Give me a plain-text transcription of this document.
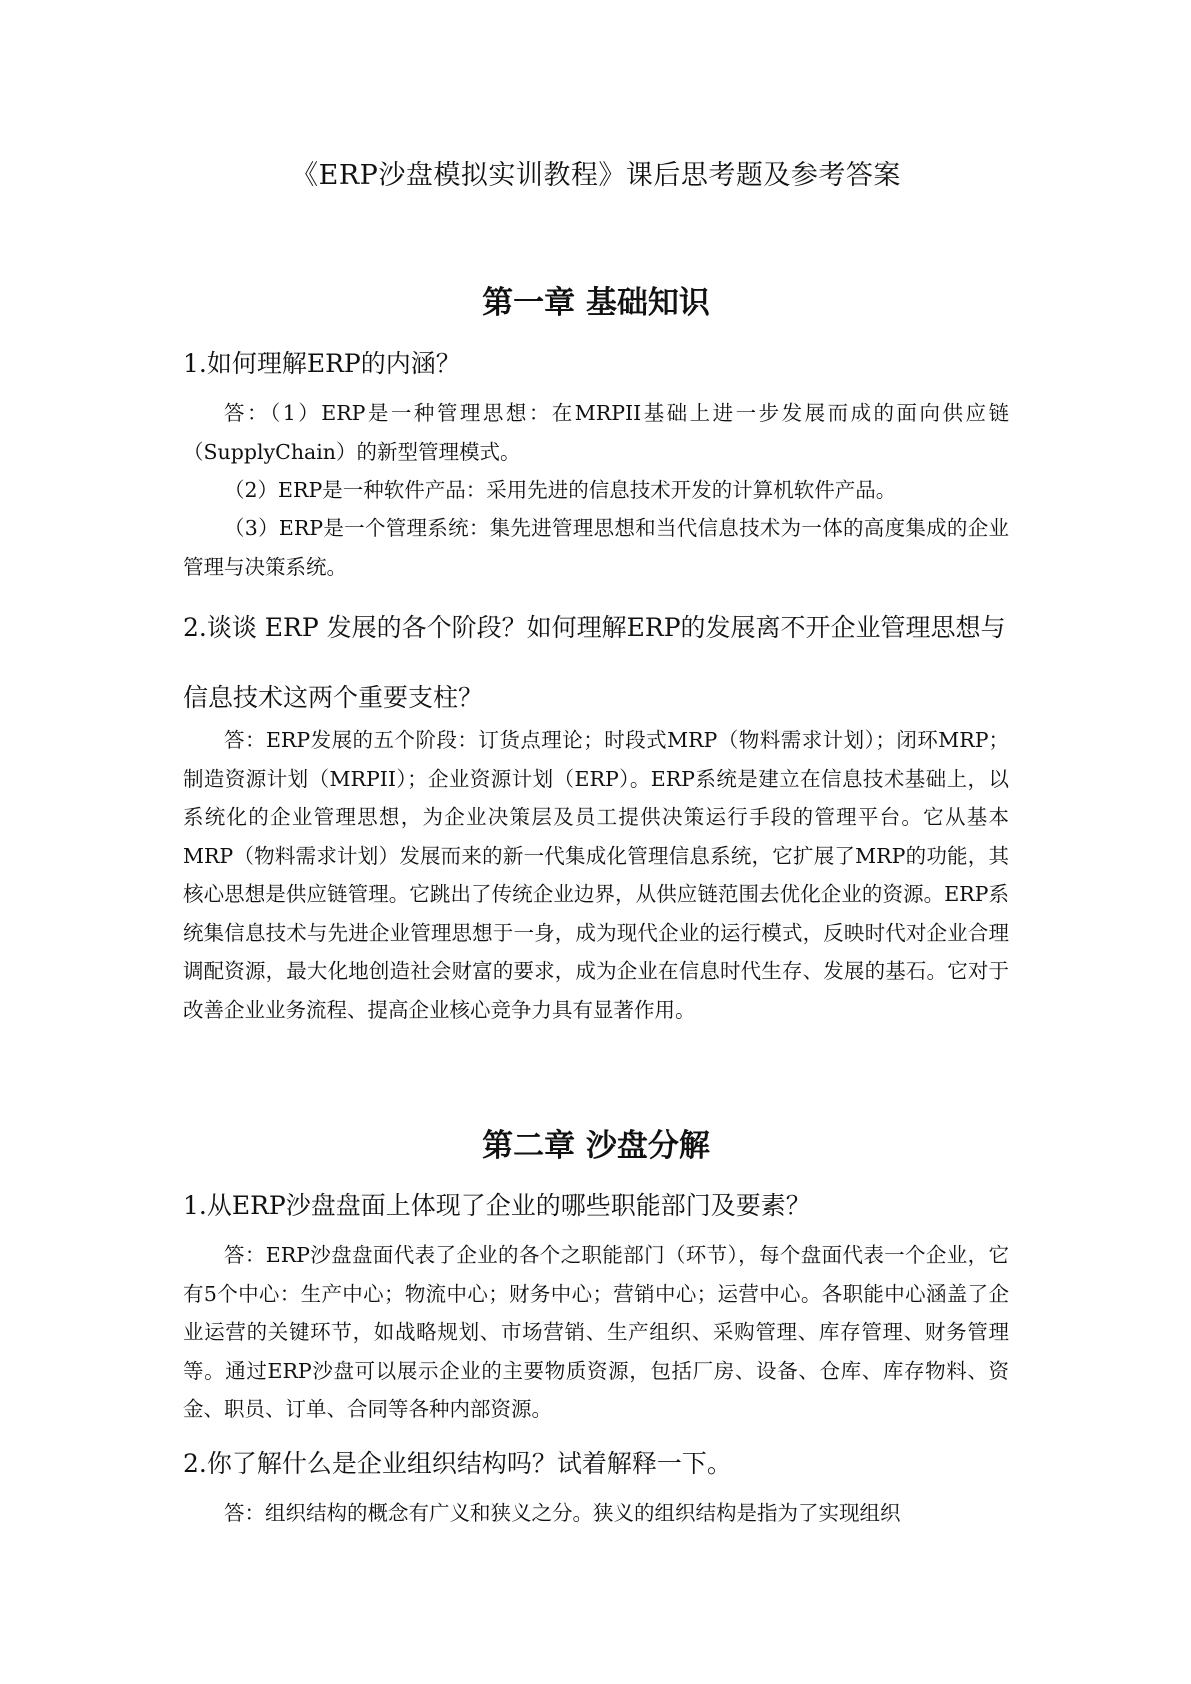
《ERP沙盘模拟实训教程》课后思考题及参考答案
第一章 基础知识
1.如何理解ERP的内涵？
答：（1）ERP是一种管理思想：在MRPII基础上进一步发展而成的面向供应链（SupplyChain）的新型管理模式。
（2）ERP是一种软件产品：采用先进的信息技术开发的计算机软件产品。
（3）ERP是一个管理系统：集先进管理思想和当代信息技术为一体的高度集成的企业管理与决策系统。
2.谈谈 ERP 发展的各个阶段？如何理解ERP的发展离不开企业管理思想与信息技术这两个重要支柱？
答：ERP发展的五个阶段：订货点理论；时段式MRP（物料需求计划）；闭环MRP；制造资源计划（MRPII）；企业资源计划（ERP）。ERP系统是建立在信息技术基础上，以系统化的企业管理思想，为企业决策层及员工提供决策运行手段的管理平台。它从基本 MRP（物料需求计划）发展而来的新一代集成化管理信息系统，它扩展了MRP的功能，其核心思想是供应链管理。它跳出了传统企业边界，从供应链范围去优化企业的资源。ERP系统集信息技术与先进企业管理思想于一身，成为现代企业的运行模式，反映时代对企业合理调配资源，最大化地创造社会财富的要求，成为企业在信息时代生存、发展的基石。它对于改善企业业务流程、提高企业核心竞争力具有显著作用。
第二章 沙盘分解
1.从ERP沙盘盘面上体现了企业的哪些职能部门及要素？
答：ERP沙盘盘面代表了企业的各个之职能部门（环节），每个盘面代表一个企业，它有5个中心：生产中心；物流中心；财务中心；营销中心；运营中心。各职能中心涵盖了企业运营的关键环节，如战略规划、市场营销、生产组织、采购管理、库存管理、财务管理等。通过ERP沙盘可以展示企业的主要物质资源，包括厂房、设备、仓库、库存物料、资金、职员、订单、合同等各种内部资源。
2.你了解什么是企业组织结构吗？试着解释一下。
答：组织结构的概念有广义和狭义之分。狭义的组织结构是指为了实现组织
